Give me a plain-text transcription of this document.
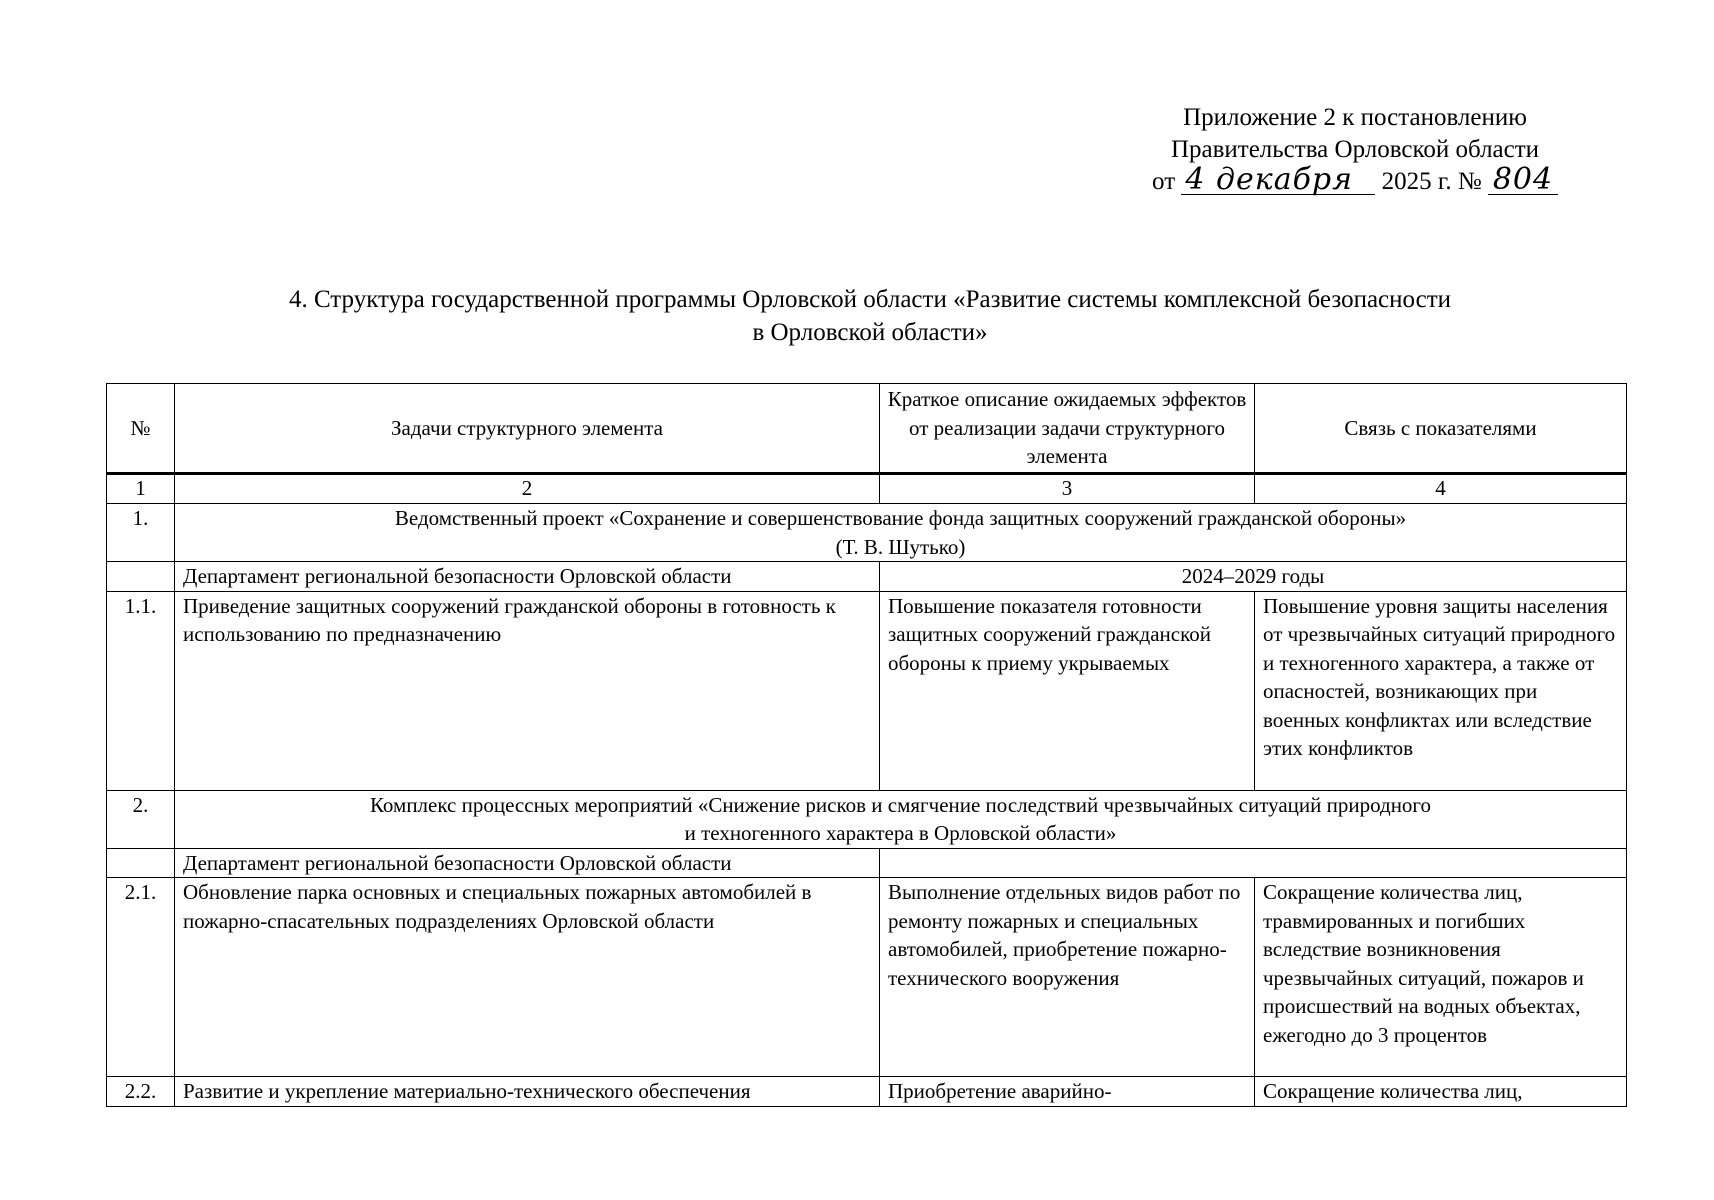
Приложение 2 к постановлению
Правительства Орловской области
от 4 декабря 2025 г. № 804
4. Структура государственной программы Орловской области «Развитие системы комплексной безопасности
в Орловской области»
№	Задачи структурного элемента	Краткое описание ожидаемых эффектов от реализации задачи структурного элемента	Связь с показателями
1	2	3	4
1.	Ведомственный проект «Сохранение и совершенствование фонда защитных сооружений гражданской обороны»
(Т. В. Шутько)		

	Департамент региональной безопасности Орловской области	2024–2029 годы	
1.1.	Приведение защитных сооружений гражданской обороны в готовность к использованию по предназначению	Повышение показателя готовности защитных сооружений гражданской обороны к приему укрываемых	Повышение уровня защиты населения от чрезвычайных ситуаций природного и техногенного характера, а также от опасностей, возникающих при военных конфликтах или вследствие этих конфликтов
2.	Комплекс процессных мероприятий «Снижение рисков и смягчение последствий чрезвычайных ситуаций природного
и техногенного характера в Орловской области»		

	Департамент региональной безопасности Орловской области		
2.1.	Обновление парка основных и специальных пожарных автомобилей в пожарно-спасательных подразделениях Орловской области	Выполнение отдельных видов работ по ремонту пожарных и специальных автомобилей, приобретение пожарно-технического вооружения	Сокращение количества лиц, травмированных и погибших вследствие возникновения чрезвычайных ситуаций, пожаров и происшествий на водных объектах, ежегодно до 3 процентов
2.2.	Развитие и укрепление материально-технического обеспечения	Приобретение аварийно-	Сокращение количества лиц,
